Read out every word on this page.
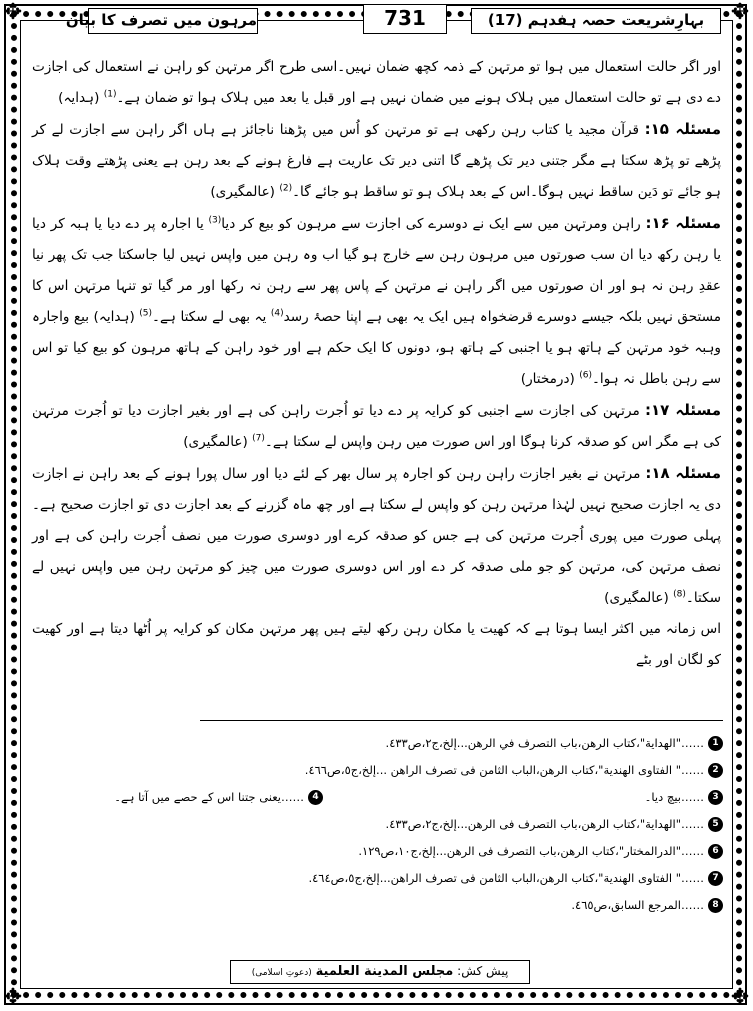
✥	✥
✥	✥
بہارِشریعت حصہ ہفدہم (17)
731
مرہون میں تصرف کا بیان

اور اگر حالت استعمال میں ہوا تو مرتہن کے ذمہ کچھ ضمان نہیں۔اسی طرح اگر مرتہن کو راہن نے استعمال کی اجازت دے دی ہے تو حالت استعمال میں ہلاک ہونے میں ضمان نہیں ہے اور قبل یا بعد میں ہلاک ہوا تو ضمان ہے۔$^{(1)}$ (ہدایہ)

مسئلہ ۱۵: قرآن مجید یا کتاب رہن رکھی ہے تو مرتہن کو اُس میں پڑھنا ناجائز ہے ہاں اگر راہن سے اجازت لے کر پڑھے تو پڑھ سکتا ہے مگر جتنی دیر تک پڑھے گا اتنی دیر تک عاریت ہے فارغ ہونے کے بعد رہن ہے یعنی پڑھتے وقت ہلاک ہو جائے تو دَین ساقط نہیں ہوگا۔اس کے بعد ہلاک ہو تو ساقط ہو جائے گا۔$^{(2)}$ (عالمگیری)

مسئلہ ۱۶: راہن ومرتہن میں سے ایک نے دوسرے کی اجازت سے مرہون کو بیع کر دیا$^{(3)}$ یا اجارہ پر دے دیا یا ہبہ کر دیا یا رہن رکھ دیا ان سب صورتوں میں مرہون رہن سے خارج ہو گیا اب وہ رہن میں واپس نہیں لیا جاسکتا جب تک پھر نیا عقدِ رہن نہ ہو اور ان صورتوں میں اگر راہن نے مرتہن کے پاس پھر سے رہن نہ رکھا اور مر گیا تو تنہا مرتہن اس کا مستحق نہیں بلکہ جیسے دوسرے قرضخواہ ہیں ایک یہ بھی ہے اپنا حصۂ رسد$^{(4)}$ یہ بھی لے سکتا ہے۔$^{(5)}$ (ہدایہ) بیع واجارہ وہبہ خود مرتہن کے ہاتھ ہو یا اجنبی کے ہاتھ ہو، دونوں کا ایک حکم ہے اور خود راہن کے ہاتھ مرہون کو بیع کیا تو اس سے رہن باطل نہ ہوا۔$^{(6)}$ (درمختار)

مسئلہ ۱۷: مرتہن کی اجازت سے اجنبی کو کرایہ پر دے دیا تو اُجرت راہن کی ہے اور بغیر اجازت دیا تو اُجرت مرتہن کی ہے مگر اس کو صدقہ کرنا ہوگا اور اس صورت میں رہن واپس لے سکتا ہے۔$^{(7)}$ (عالمگیری)

مسئلہ ۱۸: مرتہن نے بغیر اجازت راہن رہن کو اجارہ پر سال بھر کے لئے دیا اور سال پورا ہونے کے بعد راہن نے اجازت دی یہ اجازت صحیح نہیں لہٰذا مرتہن رہن کو واپس لے سکتا ہے اور چھ ماہ گزرنے کے بعد اجازت دی تو اجازت صحیح ہے۔پہلی صورت میں پوری اُجرت مرتہن کی ہے جس کو صدقہ کرے اور دوسری صورت میں نصف اُجرت راہن کی ہے اور نصف مرتہن کی، مرتہن کو جو ملی صدقہ کر دے اور اس دوسری صورت میں چیز کو مرتہن رہن میں واپس نہیں لے سکتا۔$^{(8)}$ (عالمگیری)

اس زمانہ میں اکثر ایسا ہوتا ہے کہ کھیت یا مکان رہن رکھ لیتے ہیں پھر مرتہن مکان کو کرایہ پر اُٹھا دیتا ہے اور کھیت کو لگان اور بٹے

1……"الهداية"،كتاب الرهن،باب التصرف في الرهن...إلخ،ج٢،ص٤٣٣.
2……" الفتاوى الهندية"،كتاب الرهن،الباب الثامن فى تصرف الراهن ...إلخ،ج٥،ص٤٦٦.
3……بیچ دیا۔
4……یعنی جتنا اس کے حصے میں آتا ہے۔
5……"الهداية"،كتاب الرهن،باب التصرف فى الرهن...إلخ،ج٢،ص٤٣٣.
6……"الدرالمختار"،كتاب الرهن،باب التصرف فى الرهن...إلخ،ج١٠،ص١٢٩.
7……" الفتاوى الهندية"،كتاب الرهن،الباب الثامن فى تصرف الراهن...إلخ،ج٥،ص٤٦٤.
8……المرجع السابق،ص٤٦٥.
پیش کش: مجلس المدينة العلمية (دعوتِ اسلامی)
